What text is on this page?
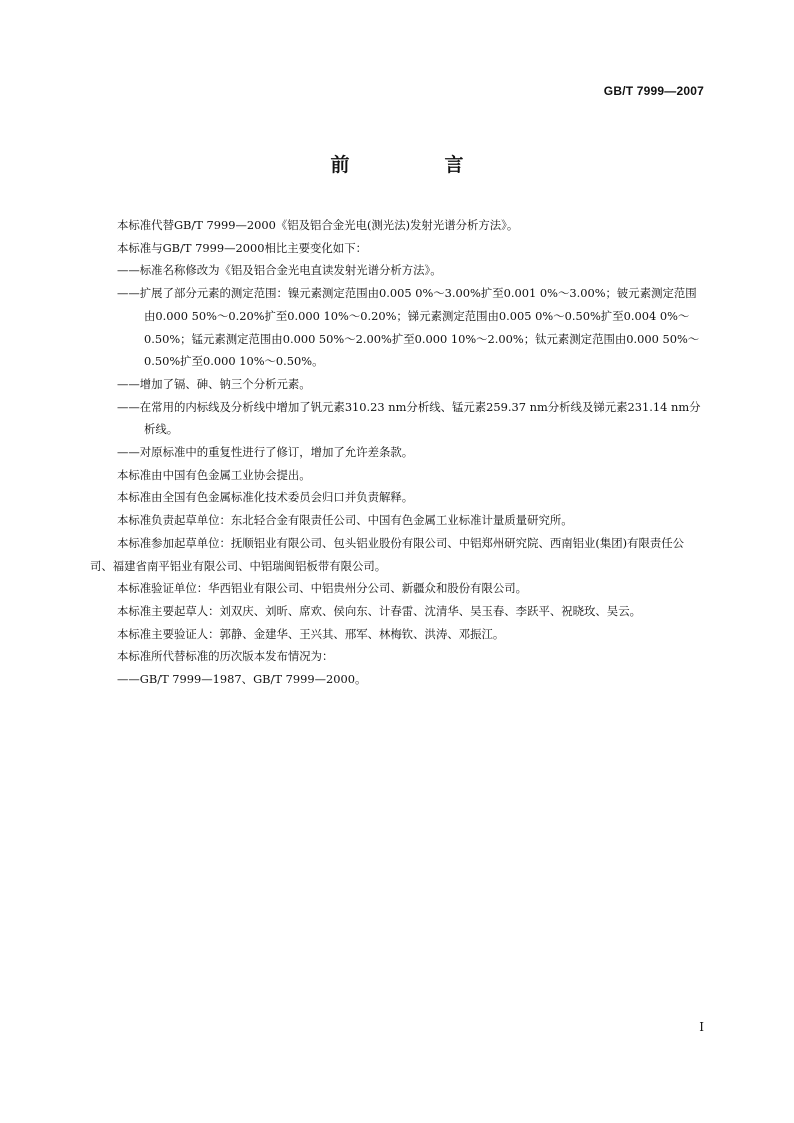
GB/T 7999—2007
前　言

本标准代替GB/T 7999—2000《铝及铝合金光电(测光法)发射光谱分析方法》。

本标准与GB/T 7999—2000相比主要变化如下：

——标准名称修改为《铝及铝合金光电直读发射光谱分析方法》。

——扩展了部分元素的测定范围：镍元素测定范围由0.005 0%～3.00%扩至0.001 0%～3.00%；铍元素测定范围由0.000 50%～0.20%扩至0.000 10%～0.20%；锑元素测定范围由0.005 0%～0.50%扩至0.004 0%～0.50%；锰元素测定范围由0.000 50%～2.00%扩至0.000 10%～2.00%；钛元素测定范围由0.000 50%～0.50%扩至0.000 10%～0.50%。

——增加了镉、砷、钠三个分析元素。

——在常用的内标线及分析线中增加了钒元素310.23 nm分析线、锰元素259.37 nm分析线及锑元素231.14 nm分析线。

——对原标准中的重复性进行了修订，增加了允许差条款。

本标准由中国有色金属工业协会提出。

本标准由全国有色金属标准化技术委员会归口并负责解释。

本标准负责起草单位：东北轻合金有限责任公司、中国有色金属工业标准计量质量研究所。

本标准参加起草单位：抚顺铝业有限公司、包头铝业股份有限公司、中铝郑州研究院、西南铝业(集团)有限责任公司、福建省南平铝业有限公司、中铝瑞闽铝板带有限公司。

本标准验证单位：华西铝业有限公司、中铝贵州分公司、新疆众和股份有限公司。

本标准主要起草人：刘双庆、刘昕、席欢、侯向东、计春雷、沈清华、吴玉春、李跃平、祝晓玫、吴云。

本标准主要验证人：郭静、金建华、王兴其、邢军、林梅钦、洪涛、邓振江。

本标准所代替标准的历次版本发布情况为：

——GB/T 7999—1987、GB/T 7999—2000。

I
